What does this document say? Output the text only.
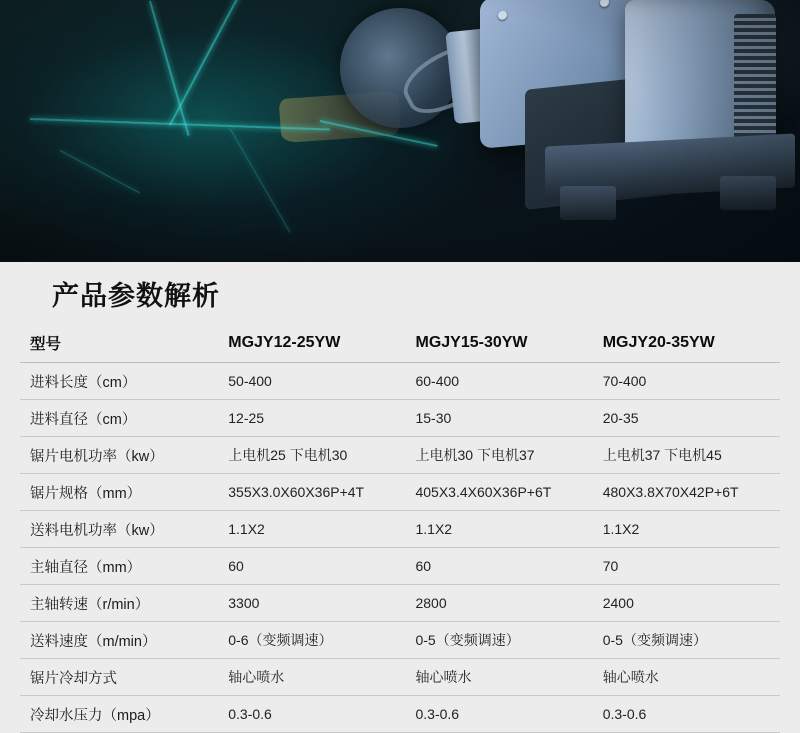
产品参数解析
型号	MGJY12-25YW	MGJY15-30YW	MGJY20-35YW
进料长度（cm）	50-400	60-400	70-400
进料直径（cm）	12-25	15-30	20-35
锯片电机功率（kw）	上电机25 下电机30	上电机30 下电机37	上电机37 下电机45
锯片规格（mm）	355X3.0X60X36P+4T	405X3.4X60X36P+6T	480X3.8X70X42P+6T
送料电机功率（kw）	1.1X2	1.1X2	1.1X2
主轴直径（mm）	60	60	70
主轴转速（r/min）	3300	2800	2400
送料速度（m/min）	0-6（变频调速）	0-5（变频调速）	0-5（变频调速）
锯片冷却方式	轴心喷水	轴心喷水	轴心喷水
冷却水压力（mpa）	0.3-0.6	0.3-0.6	0.3-0.6
